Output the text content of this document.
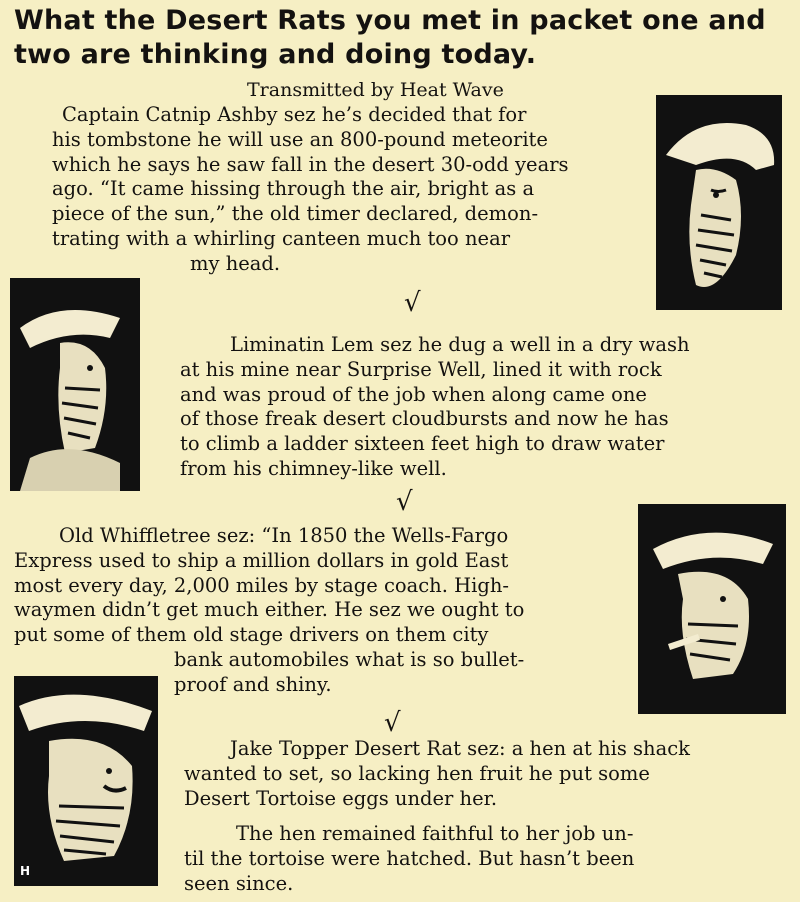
What the Desert Rats you met in packet one and two are thinking and doing today.
Transmitted by Heat Wave
Captain Catnip Ashby sez he’s decided that for
his tombstone he will use an 800-pound meteorite
which he says he saw fall in the desert 30-odd years
ago. “It came hissing through the air, bright as a
piece of the sun,” the old timer declared, demon-
trating with a whirling canteen much too near
my head.
√
Liminatin Lem sez he dug a well in a dry wash
at his mine near Surprise Well, lined it with rock
and was proud of the job when along came one
of those freak desert cloudbursts and now he has
to climb a ladder sixteen feet high to draw water
from his chimney-like well.
√
Old Whiffletree sez: “In 1850 the Wells-Fargo
Express used to ship a million dollars in gold East
most every day, 2,000 miles by stage coach. High-
waymen didn’t get much either. He sez we ought to
put some of them old stage drivers on them city
bank automobiles what is so bullet-
proof and shiny.
√
Jake Topper Desert Rat sez: a hen at his shack
wanted to set, so lacking hen fruit he put some
Desert Tortoise eggs under her.
The hen remained faithful to her job un-
til the tortoise were hatched. But hasn’t been
seen since.
H
